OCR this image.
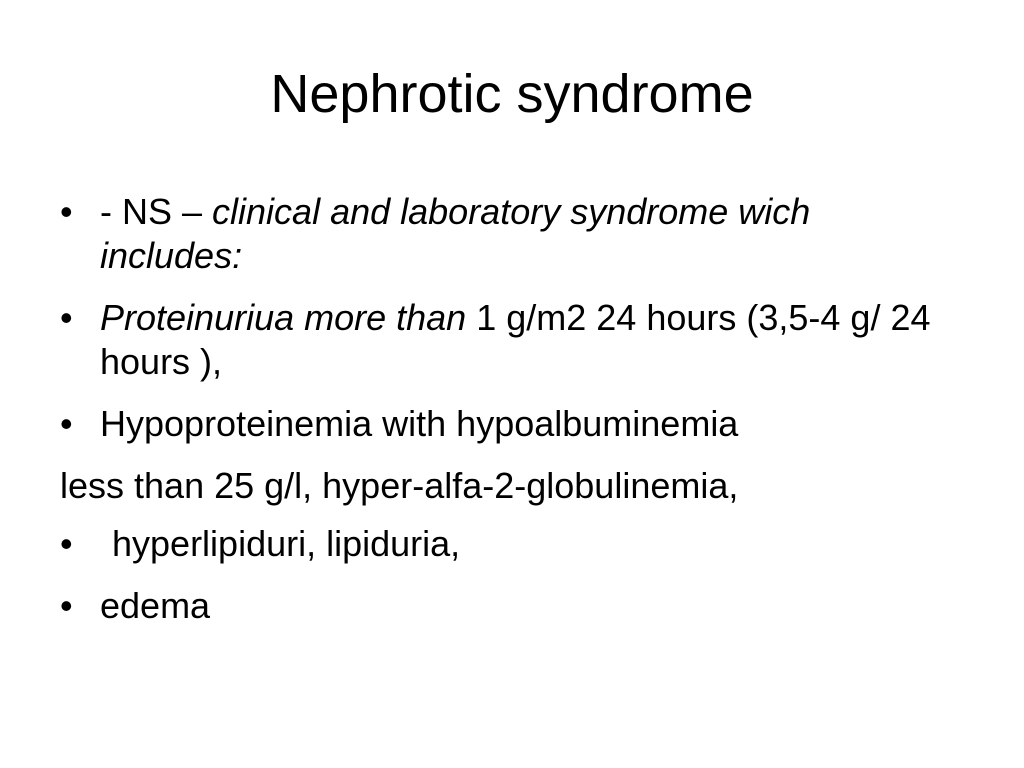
Nephrotic syndrome
• - NS – clinical and laboratory syndrome wich includes:
• Proteinuriua more than 1 g/m2 24 hours (3,5-4 g/ 24 hours ),
• Hypoproteinemia with hypoalbuminemia
less than 25 g/l, hyper-alfa-2-globulinemia,
•	hyperlipiduri, lipiduria,
• edema
